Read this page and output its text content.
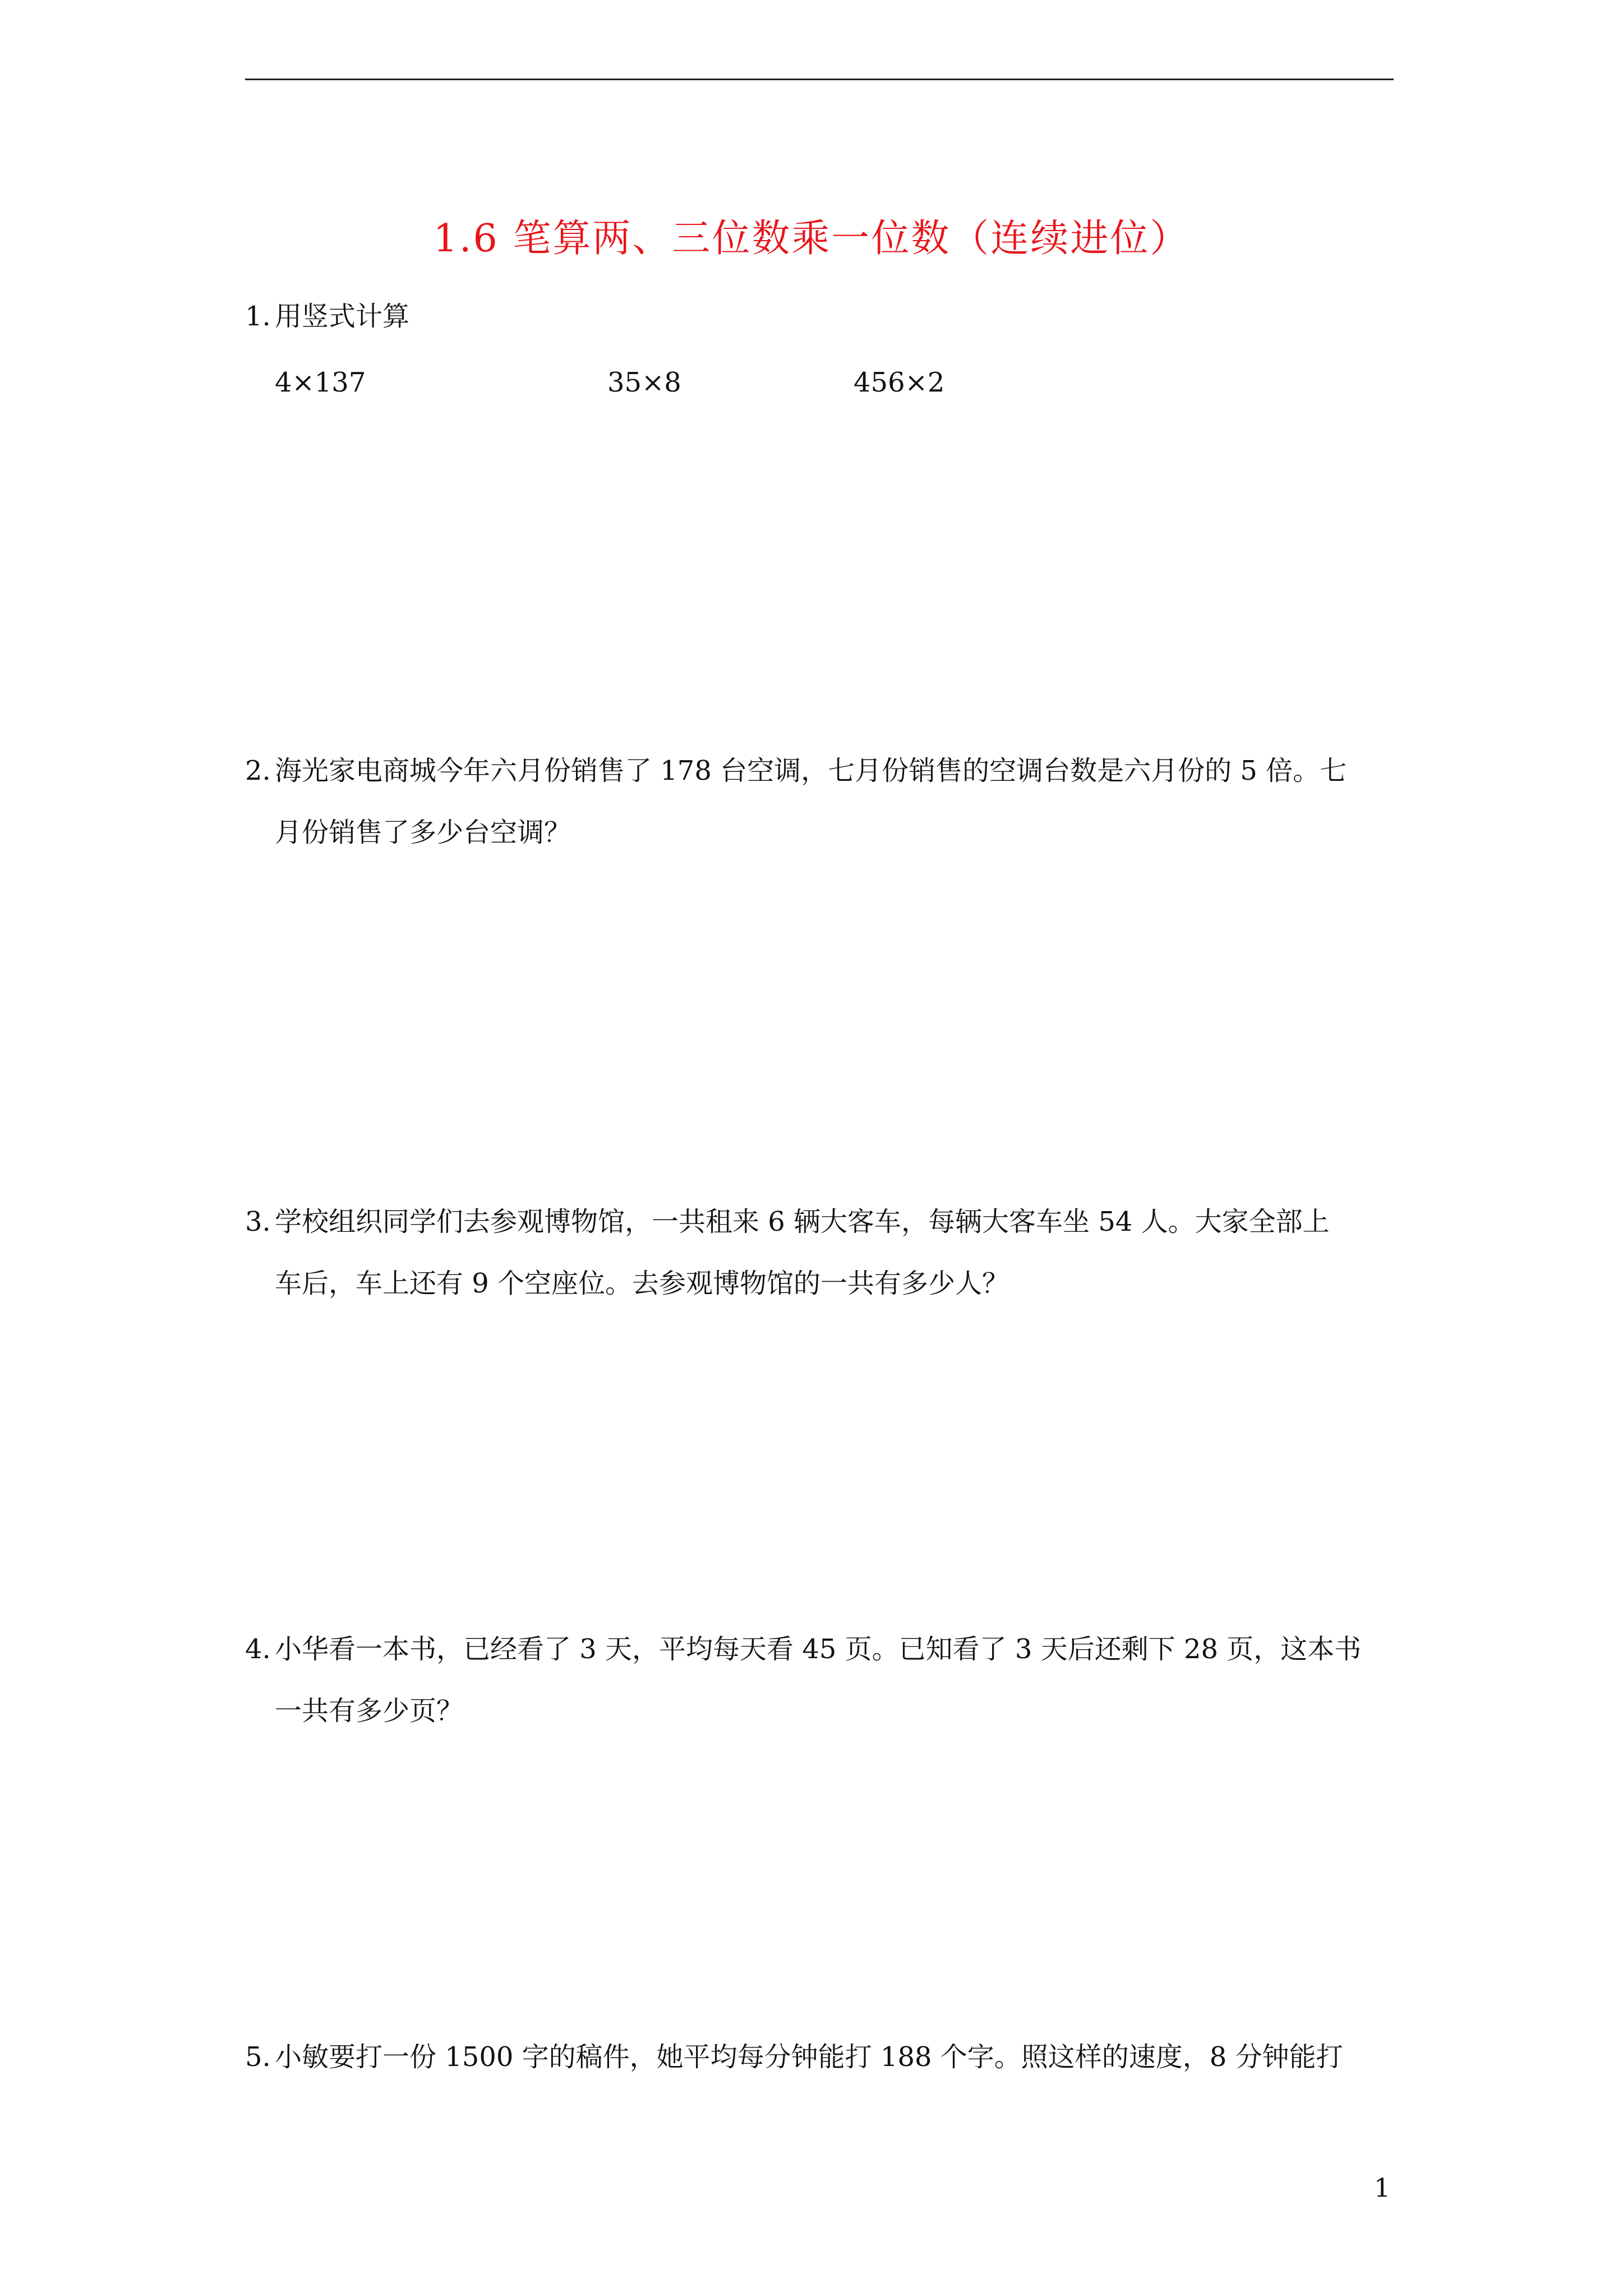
1.6 笔算两、三位数乘一位数（连续进位）
1. 用竖式计算
4×137	35×8	456×2
2. 海光家电商城今年六月份销售了 178 台空调，七月份销售的空调台数是六月份的 5 倍。七
月份销售了多少台空调？
3. 学校组织同学们去参观博物馆，一共租来 6 辆大客车，每辆大客车坐 54 人。大家全部上
车后，车上还有 9 个空座位。去参观博物馆的一共有多少人？
4. 小华看一本书，已经看了 3 天，平均每天看 45 页。已知看了 3 天后还剩下 28 页，这本书
一共有多少页？
5. 小敏要打一份 1500 字的稿件，她平均每分钟能打 188 个字。照这样的速度，8 分钟能打
1
